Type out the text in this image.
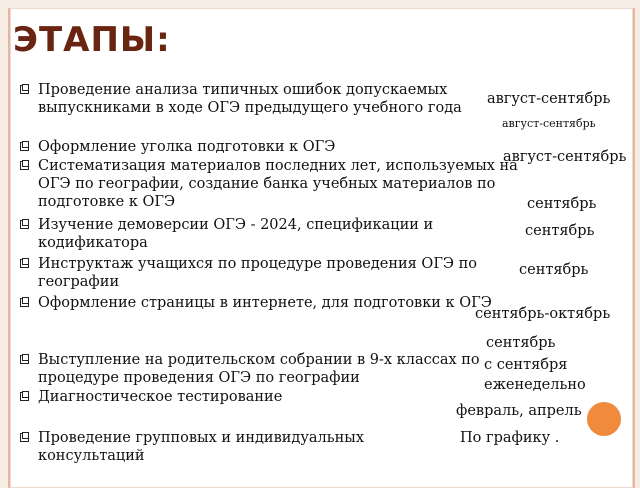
ЭТАПЫ:
Проведение анализа типичных ошибок допускаемых выпускниками в ходе ОГЭ предыдущего учебного года
Оформление уголка подготовки к ОГЭ
Систематизация материалов последних лет, используемых на ОГЭ по географии, создание банка учебных материалов по подготовке к ОГЭ
Изучение демоверсии ОГЭ - 2024, спецификации и кодификатора
Инструктаж учащихся по процедуре проведения ОГЭ по географии
Оформление страницы в интернете, для подготовки к ОГЭ
Выступление на родительском собрании в 9-х классах по процедуре проведения ОГЭ по географии
Диагностическое тестирование
Проведение групповых и индивидуальных консультаций
август-сентябрь
август-сентябрь
август-сентябрь
сентябрь
сентябрь
сентябрь
сентябрь-октябрь
сентябрь
с сентября
еженедельно
февраль, апрель
По графику .
